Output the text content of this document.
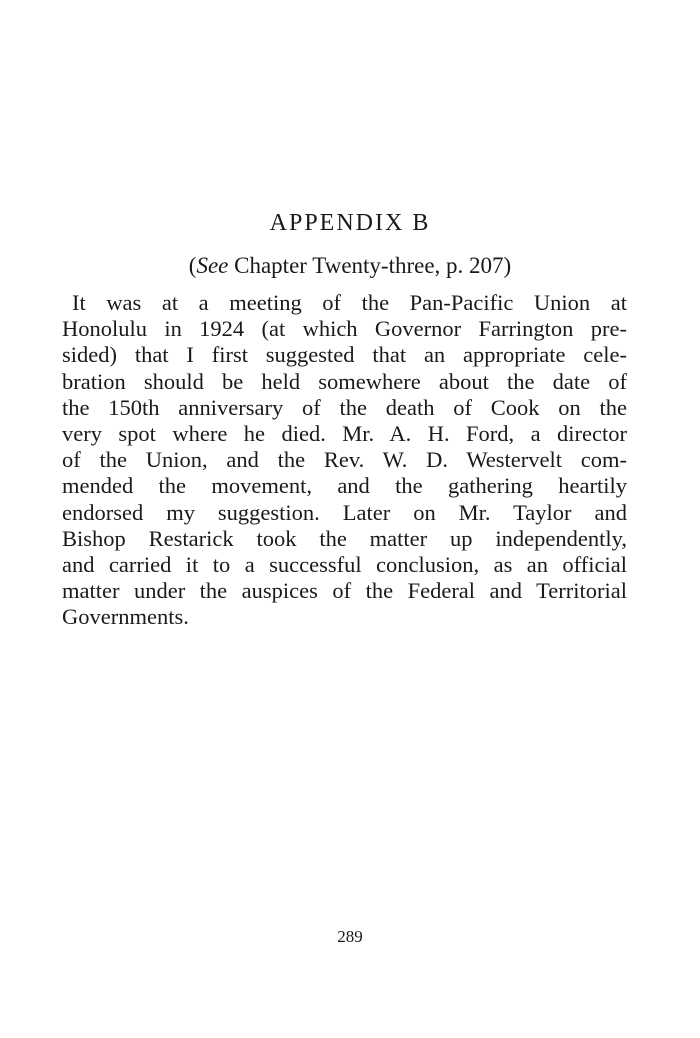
APPENDIX B
(See Chapter Twenty-three, p. 207)
It was at a meeting of the Pan-Pacific Union at
Honolulu in 1924 (at which Governor Farrington pre-
sided) that I first suggested that an appropriate cele-
bration should be held somewhere about the date of
the 150th anniversary of the death of Cook on the
very spot where he died. Mr. A. H. Ford, a director
of the Union, and the Rev. W. D. Westervelt com-
mended the movement, and the gathering heartily
endorsed my suggestion. Later on Mr. Taylor and
Bishop Restarick took the matter up independently,
and carried it to a successful conclusion, as an official
matter under the auspices of the Federal and Territorial
Governments.
289
